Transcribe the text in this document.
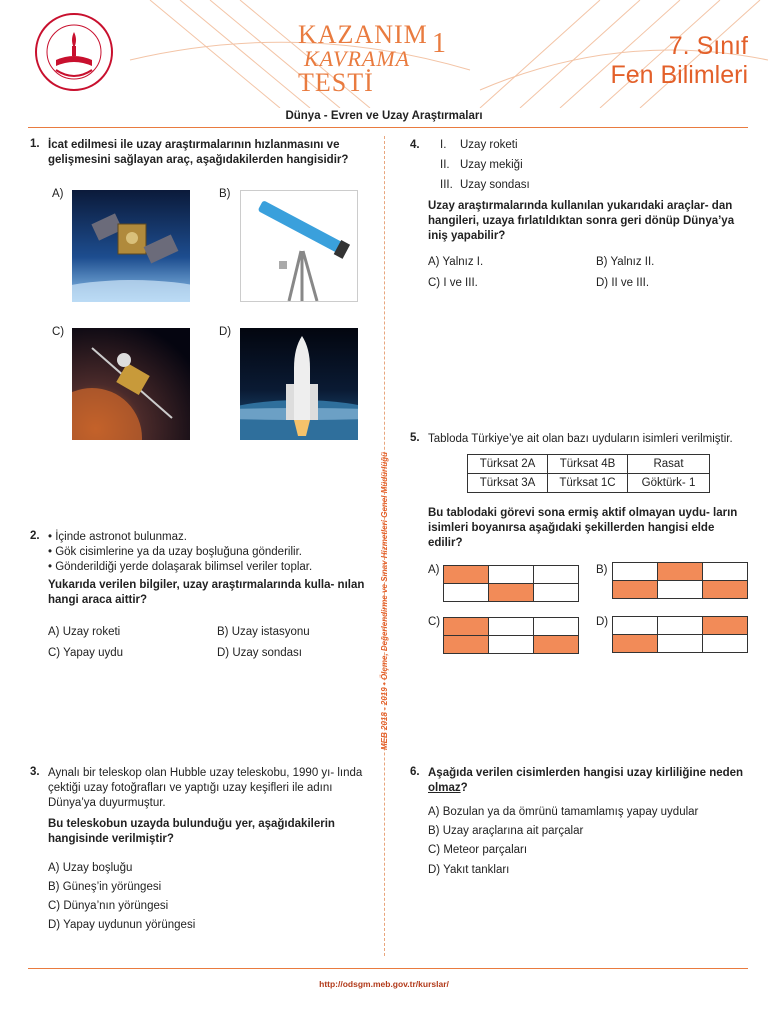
KAZANIM
KAVRAMA
TESTİ
1	7. Sınıf
Fen Bilimleri
Dünya - Evren ve Uzay Araştırmaları
MEB 2018 - 2019 • Ölçme, Değerlendirme ve Sınav Hizmetleri Genel Müdürlüğü
1. İcat edilmesi ile uzay araştırmalarının hızlanmasını ve gelişmesini sağlayan araç, aşağıdakilerden hangisidir?
A)	B)
C)	D)
2. • İçinde astronot bulunmaz.
• Gök cisimlerine ya da uzay boşluğuna gönderilir.
• Gönderildiği yerde dolaşarak bilimsel veriler toplar.
Yukarıda verilen bilgiler, uzay araştırmalarında kulla- nılan hangi araca aittir?
A) Uzay roketi	B) Uzay istasyonu
C) Yapay uydu	D) Uzay sondası
3. Aynalı bir teleskop olan Hubble uzay teleskobu, 1990 yı- lında çektiği uzay fotoğrafları ve yaptığı uzay keşifleri ile adını Dünya’ya duyurmuştur.
Bu teleskobun uzayda bulunduğu yer, aşağıdakilerin hangisinde verilmiştir?
A) Uzay boşluğu
B) Güneş’in yörüngesi
C) Dünya’nın yörüngesi
D) Yapay uydunun yörüngesi
4. I. Uzay roketi
II. Uzay mekiği
III. Uzay sondası
Uzay araştırmalarında kullanılan yukarıdaki araçlar- dan hangileri, uzaya fırlatıldıktan sonra geri dönüp Dünya’ya iniş yapabilir?
A) Yalnız I.	B) Yalnız II.
C) I ve III.	D) II ve III.
5. Tabloda Türkiye’ye ait olan bazı uyduların isimleri verilmiştir.
Türksat 2A	Türksat 4B	Rasat
Türksat 3A	Türksat 1C	Göktürk- 1
Bu tablodaki görevi sona ermiş aktif olmayan uydu- ların isimleri boyanırsa aşağıdaki şekillerden hangisi elde edilir?
A)	B)
C)	D)
6. Aşağıda verilen cisimlerden hangisi uzay kirliliğine neden olmaz?
A) Bozulan ya da ömrünü tamamlamış yapay uydular
B) Uzay araçlarına ait parçalar
C) Meteor parçaları
D) Yakıt tankları
http://odsgm.meb.gov.tr/kurslar/
